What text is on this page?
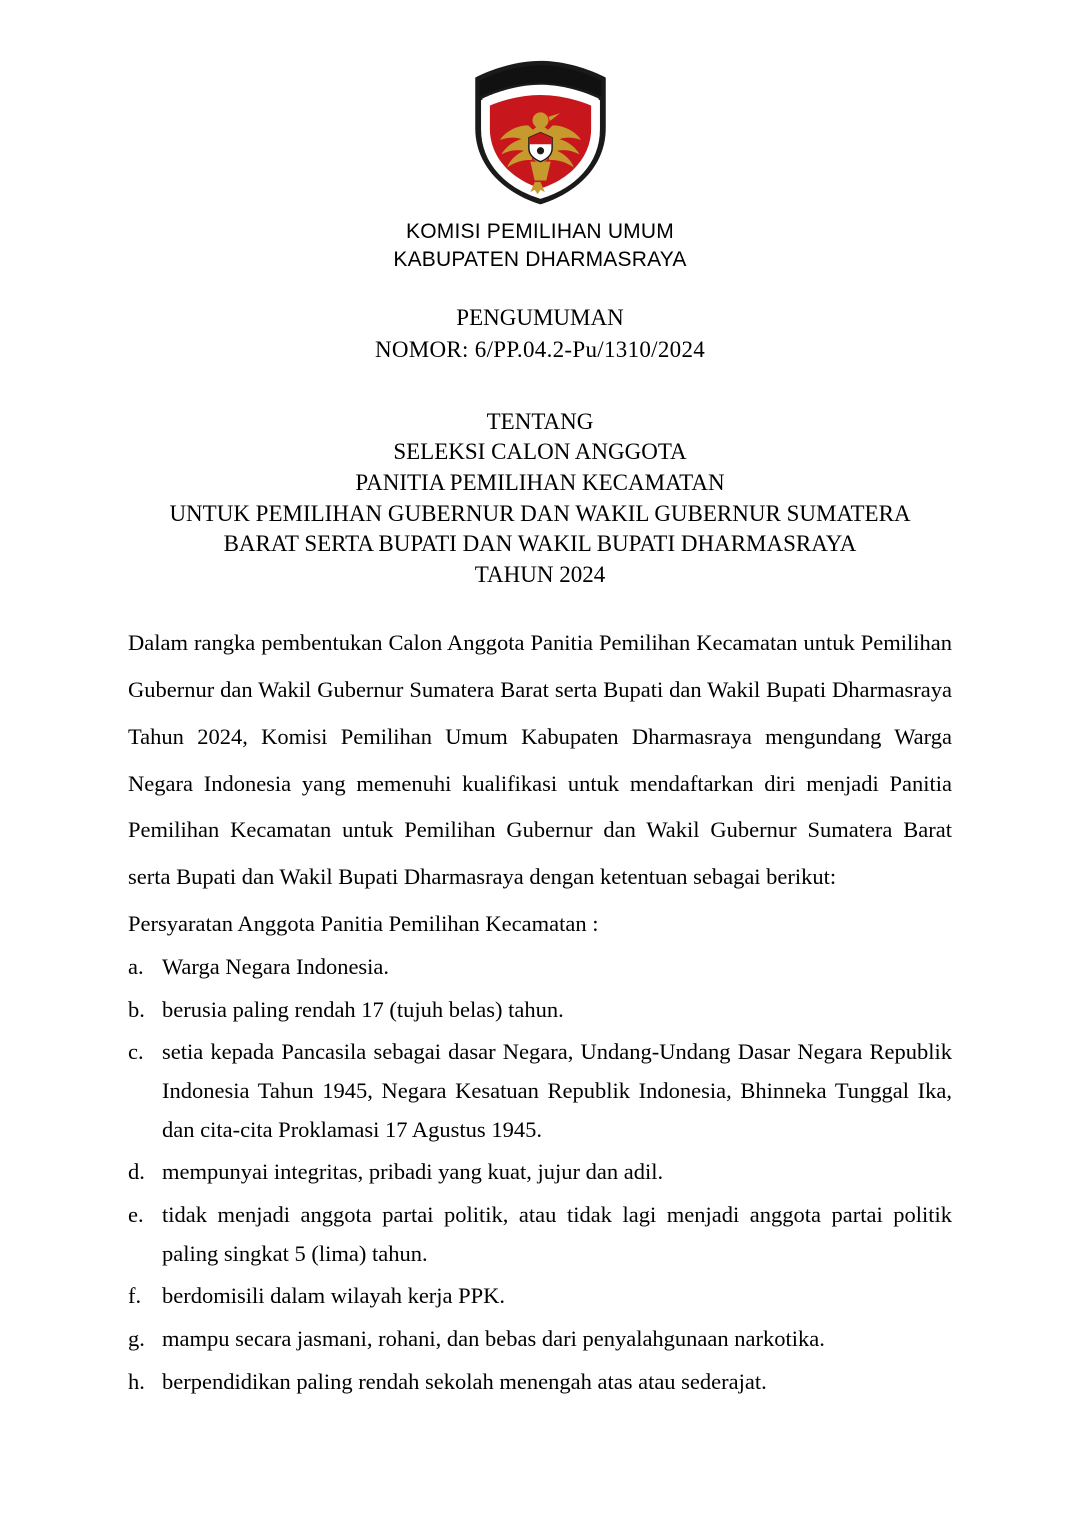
KOMISI PEMILIHAN UMUM
KABUPATEN DHARMASRAYA
PENGUMUMAN
NOMOR: 6/PP.04.2-Pu/1310/2024
TENTANG
SELEKSI CALON ANGGOTA
PANITIA PEMILIHAN KECAMATAN
UNTUK PEMILIHAN GUBERNUR DAN WAKIL GUBERNUR SUMATERA
BARAT SERTA BUPATI DAN WAKIL BUPATI DHARMASRAYA
TAHUN 2024
Dalam rangka pembentukan Calon Anggota Panitia Pemilihan Kecamatan untuk Pemilihan Gubernur dan Wakil Gubernur Sumatera Barat serta Bupati dan Wakil Bupati Dharmasraya Tahun 2024, Komisi Pemilihan Umum Kabupaten Dharmasraya mengundang Warga Negara Indonesia yang memenuhi kualifikasi untuk mendaftarkan diri menjadi Panitia Pemilihan Kecamatan untuk Pemilihan Gubernur dan Wakil Gubernur Sumatera Barat serta Bupati dan Wakil Bupati Dharmasraya dengan ketentuan sebagai berikut:
Persyaratan Anggota Panitia Pemilihan Kecamatan :
a. Warga Negara Indonesia.
b. berusia paling rendah 17 (tujuh belas) tahun.
c. setia kepada Pancasila sebagai dasar Negara, Undang-Undang Dasar Negara Republik Indonesia Tahun 1945, Negara Kesatuan Republik Indonesia, Bhinneka Tunggal Ika, dan cita-cita Proklamasi 17 Agustus 1945.
d. mempunyai integritas, pribadi yang kuat, jujur dan adil.
e. tidak menjadi anggota partai politik, atau tidak lagi menjadi anggota partai politik paling singkat 5 (lima) tahun.
f. berdomisili dalam wilayah kerja PPK.
g. mampu secara jasmani, rohani, dan bebas dari penyalahgunaan narkotika.
h. berpendidikan paling rendah sekolah menengah atas atau sederajat.
